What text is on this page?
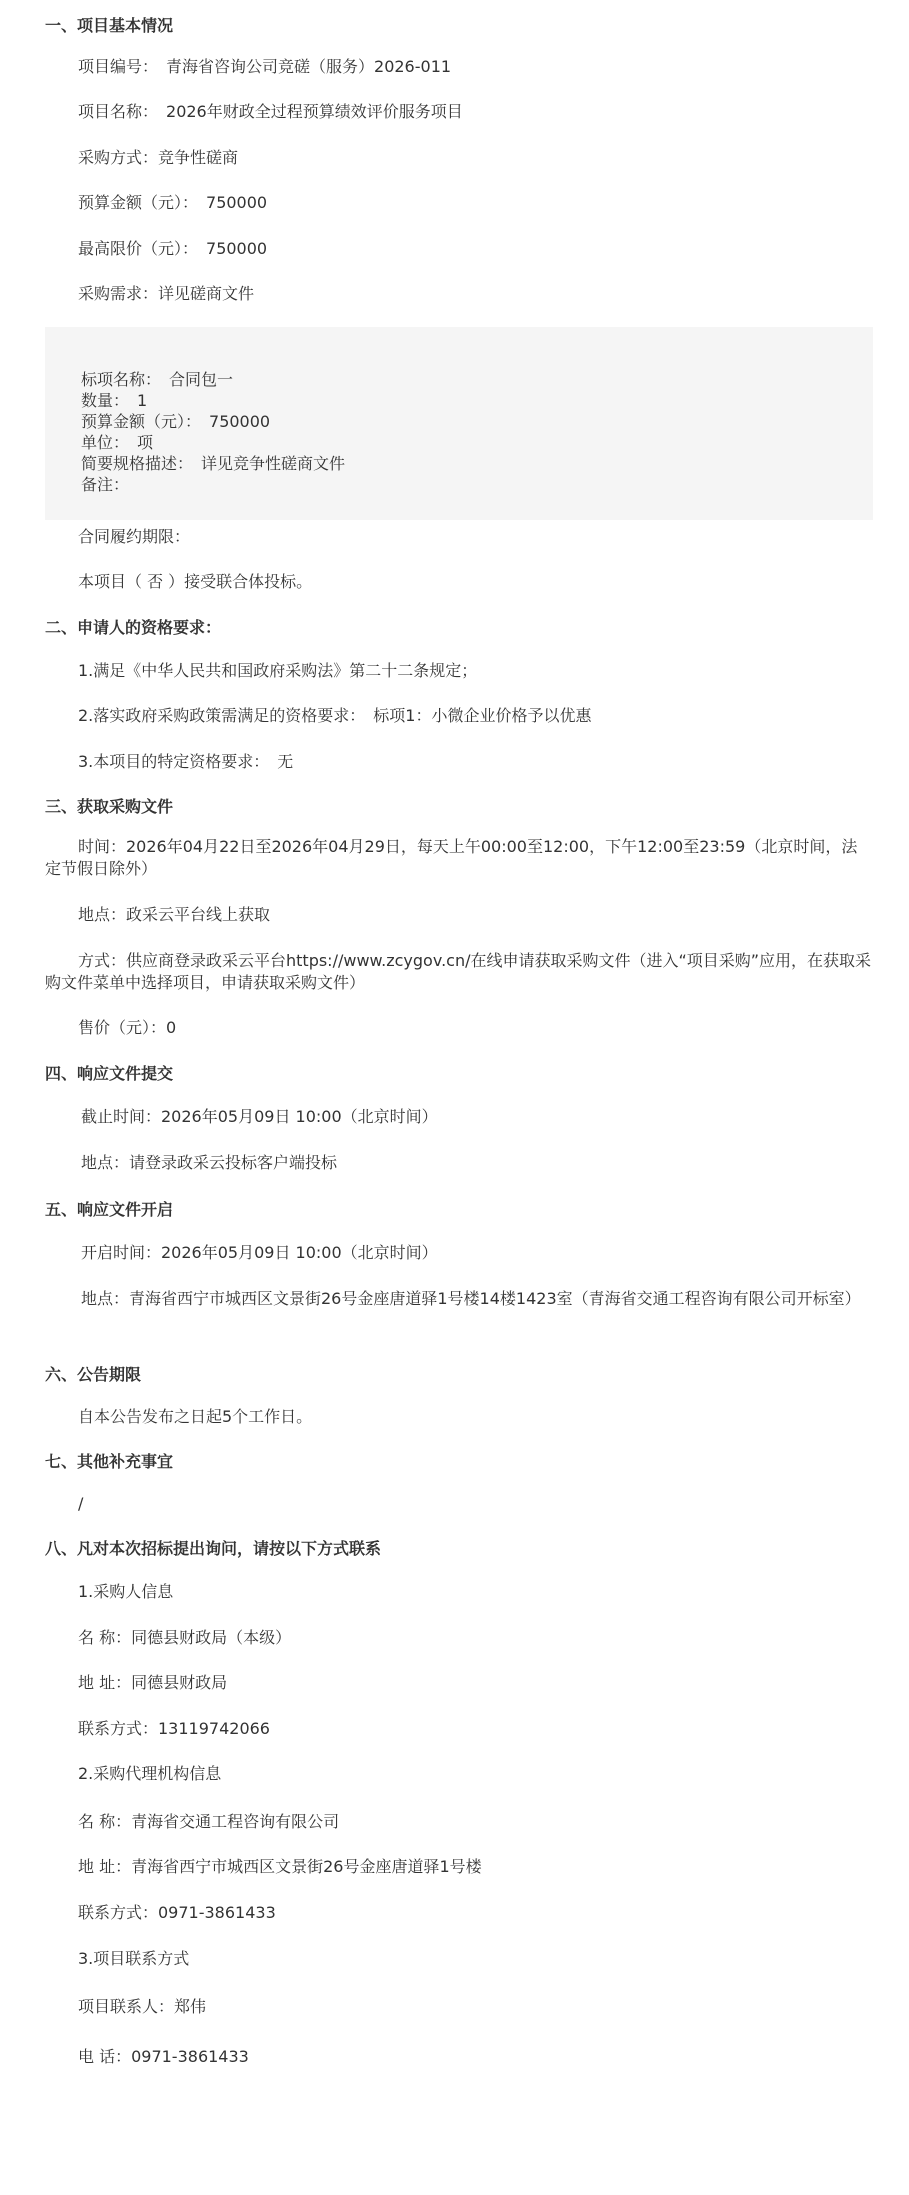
一、项目基本情况
项目编号： 青海省咨询公司竞磋（服务）2026-011
项目名称： 2026年财政全过程预算绩效评价服务项目
采购方式：竞争性磋商
预算金额（元）： 750000
最高限价（元）： 750000
采购需求：详见磋商文件
标项名称： 合同包一
数量： 1
预算金额（元）： 750000
单位： 项
简要规格描述： 详见竞争性磋商文件
备注：
合同履约期限：
本项目（ 否 ）接受联合体投标。
二、申请人的资格要求：
1.满足《中华人民共和国政府采购法》第二十二条规定；
2.落实政府采购政策需满足的资格要求： 标项1：小微企业价格予以优惠
3.本项目的特定资格要求： 无
三、获取采购文件
时间：2026年04月22日至2026年04月29日，每天上午00:00至12:00，下午12:00至23:59（北京时间，法定节假日除外）
地点：政采云平台线上获取
方式：供应商登录政采云平台https://www.zcygov.cn/在线申请获取采购文件（进入“项目采购”应用，在获取采购文件菜单中选择项目，申请获取采购文件）
售价（元）：0
四、响应文件提交
截止时间：2026年05月09日 10:00（北京时间）
地点：请登录政采云投标客户端投标
五、响应文件开启
开启时间：2026年05月09日 10:00（北京时间）
地点：青海省西宁市城西区文景街26号金座唐道驿1号楼14楼1423室（青海省交通工程咨询有限公司开标室）
六、公告期限
自本公告发布之日起5个工作日。
七、其他补充事宜
/
八、凡对本次招标提出询问，请按以下方式联系
1.采购人信息
名 称：同德县财政局（本级）
地 址：同德县财政局
联系方式：13119742066
2.采购代理机构信息
名 称：青海省交通工程咨询有限公司
地 址：青海省西宁市城西区文景街26号金座唐道驿1号楼
联系方式：0971-3861433
3.项目联系方式
项目联系人：郑伟
电 话：0971-3861433
